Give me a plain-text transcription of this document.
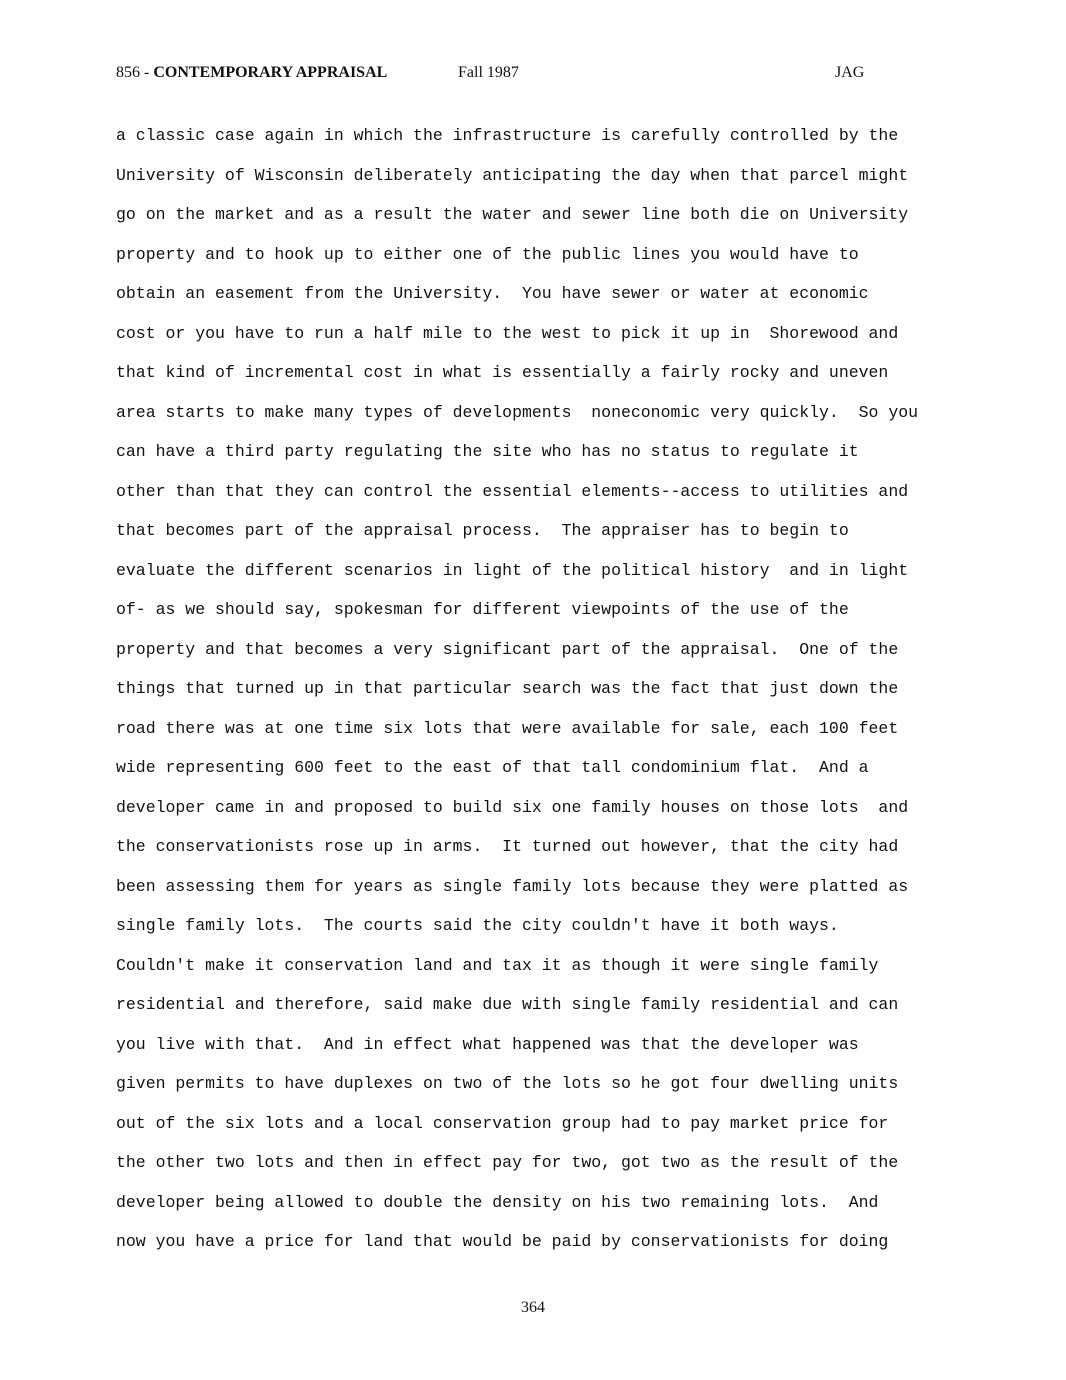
856 - CONTEMPORARY APPRAISAL	Fall 1987	JAG
a classic case again in which the infrastructure is carefully controlled by the
University of Wisconsin deliberately anticipating the day when that parcel might
go on the market and as a result the water and sewer line both die on University
property and to hook up to either one of the public lines you would have to
obtain an easement from the University.  You have sewer or water at economic
cost or you have to run a half mile to the west to pick it up in  Shorewood and
that kind of incremental cost in what is essentially a fairly rocky and uneven
area starts to make many types of developments  noneconomic very quickly.  So you
can have a third party regulating the site who has no status to regulate it
other than that they can control the essential elements--access to utilities and
that becomes part of the appraisal process.  The appraiser has to begin to
evaluate the different scenarios in light of the political history  and in light
of- as we should say, spokesman for different viewpoints of the use of the
property and that becomes a very significant part of the appraisal.  One of the
things that turned up in that particular search was the fact that just down the
road there was at one time six lots that were available for sale, each 100 feet
wide representing 600 feet to the east of that tall condominium flat.  And a
developer came in and proposed to build six one family houses on those lots  and
the conservationists rose up in arms.  It turned out however, that the city had
been assessing them for years as single family lots because they were platted as
single family lots.  The courts said the city couldn't have it both ways.
Couldn't make it conservation land and tax it as though it were single family
residential and therefore, said make due with single family residential and can
you live with that.  And in effect what happened was that the developer was
given permits to have duplexes on two of the lots so he got four dwelling units
out of the six lots and a local conservation group had to pay market price for
the other two lots and then in effect pay for two, got two as the result of the
developer being allowed to double the density on his two remaining lots.  And
now you have a price for land that would be paid by conservationists for doing
364
